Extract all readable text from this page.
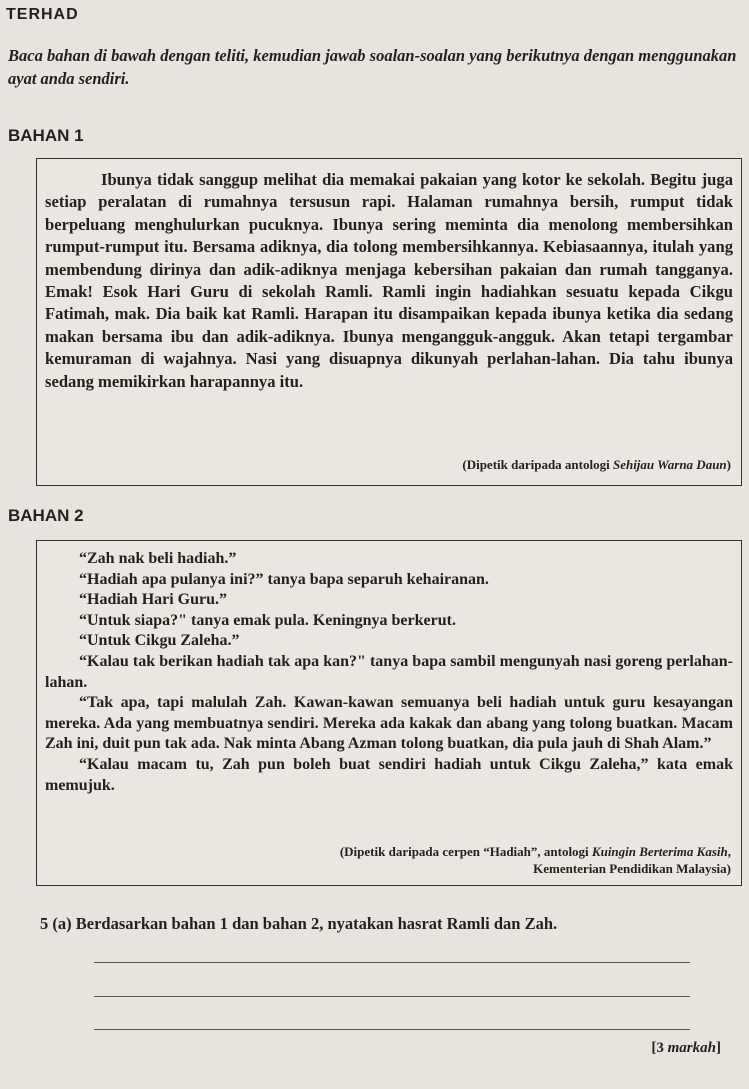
TERHAD
Baca bahan di bawah dengan teliti, kemudian jawab soalan-soalan yang berikutnya dengan menggunakan ayat anda sendiri.
BAHAN 1

Ibunya tidak sanggup melihat dia memakai pakaian yang kotor ke sekolah. Begitu juga setiap peralatan di rumahnya tersusun rapi. Halaman rumahnya bersih, rumput tidak berpeluang menghulurkan pucuknya. Ibunya sering meminta dia menolong membersihkan rumput-rumput itu. Bersama adiknya, dia tolong membersihkannya. Kebiasaannya, itulah yang membendung dirinya dan adik-adiknya menjaga kebersihan pakaian dan rumah tangganya. Emak! Esok Hari Guru di sekolah Ramli. Ramli ingin hadiahkan sesuatu kepada Cikgu Fatimah, mak. Dia baik kat Ramli. Harapan itu disampaikan kepada ibunya ketika dia sedang makan bersama ibu dan adik-adiknya. Ibunya mengangguk-angguk. Akan tetapi tergambar kemuraman di wajahnya. Nasi yang disuapnya dikunyah perlahan-lahan. Dia tahu ibunya sedang memikirkan harapannya itu.

(Dipetik daripada antologi Sehijau Warna Daun)
BAHAN 2

“Zah nak beli hadiah.”

“Hadiah apa pulanya ini?” tanya bapa separuh kehairanan.

“Hadiah Hari Guru.”

“Untuk siapa?" tanya emak pula. Keningnya berkerut.

“Untuk Cikgu Zaleha.”

“Kalau tak berikan hadiah tak apa kan?" tanya bapa sambil mengunyah nasi goreng perlahan-lahan.

“Tak apa, tapi malulah Zah. Kawan-kawan semuanya beli hadiah untuk guru kesayangan mereka. Ada yang membuatnya sendiri. Mereka ada kakak dan abang yang tolong buatkan. Macam Zah ini, duit pun tak ada. Nak minta Abang Azman tolong buatkan, dia pula jauh di Shah Alam.”

“Kalau macam tu, Zah pun boleh buat sendiri hadiah untuk Cikgu Zaleha,” kata emak memujuk.

(Dipetik daripada cerpen “Hadiah”, antologi Kuingin Berterima Kasih,
Kementerian Pendidikan Malaysia)
5 (a) Berdasarkan bahan 1 dan bahan 2, nyatakan hasrat Ramli dan Zah.
[3 markah]
